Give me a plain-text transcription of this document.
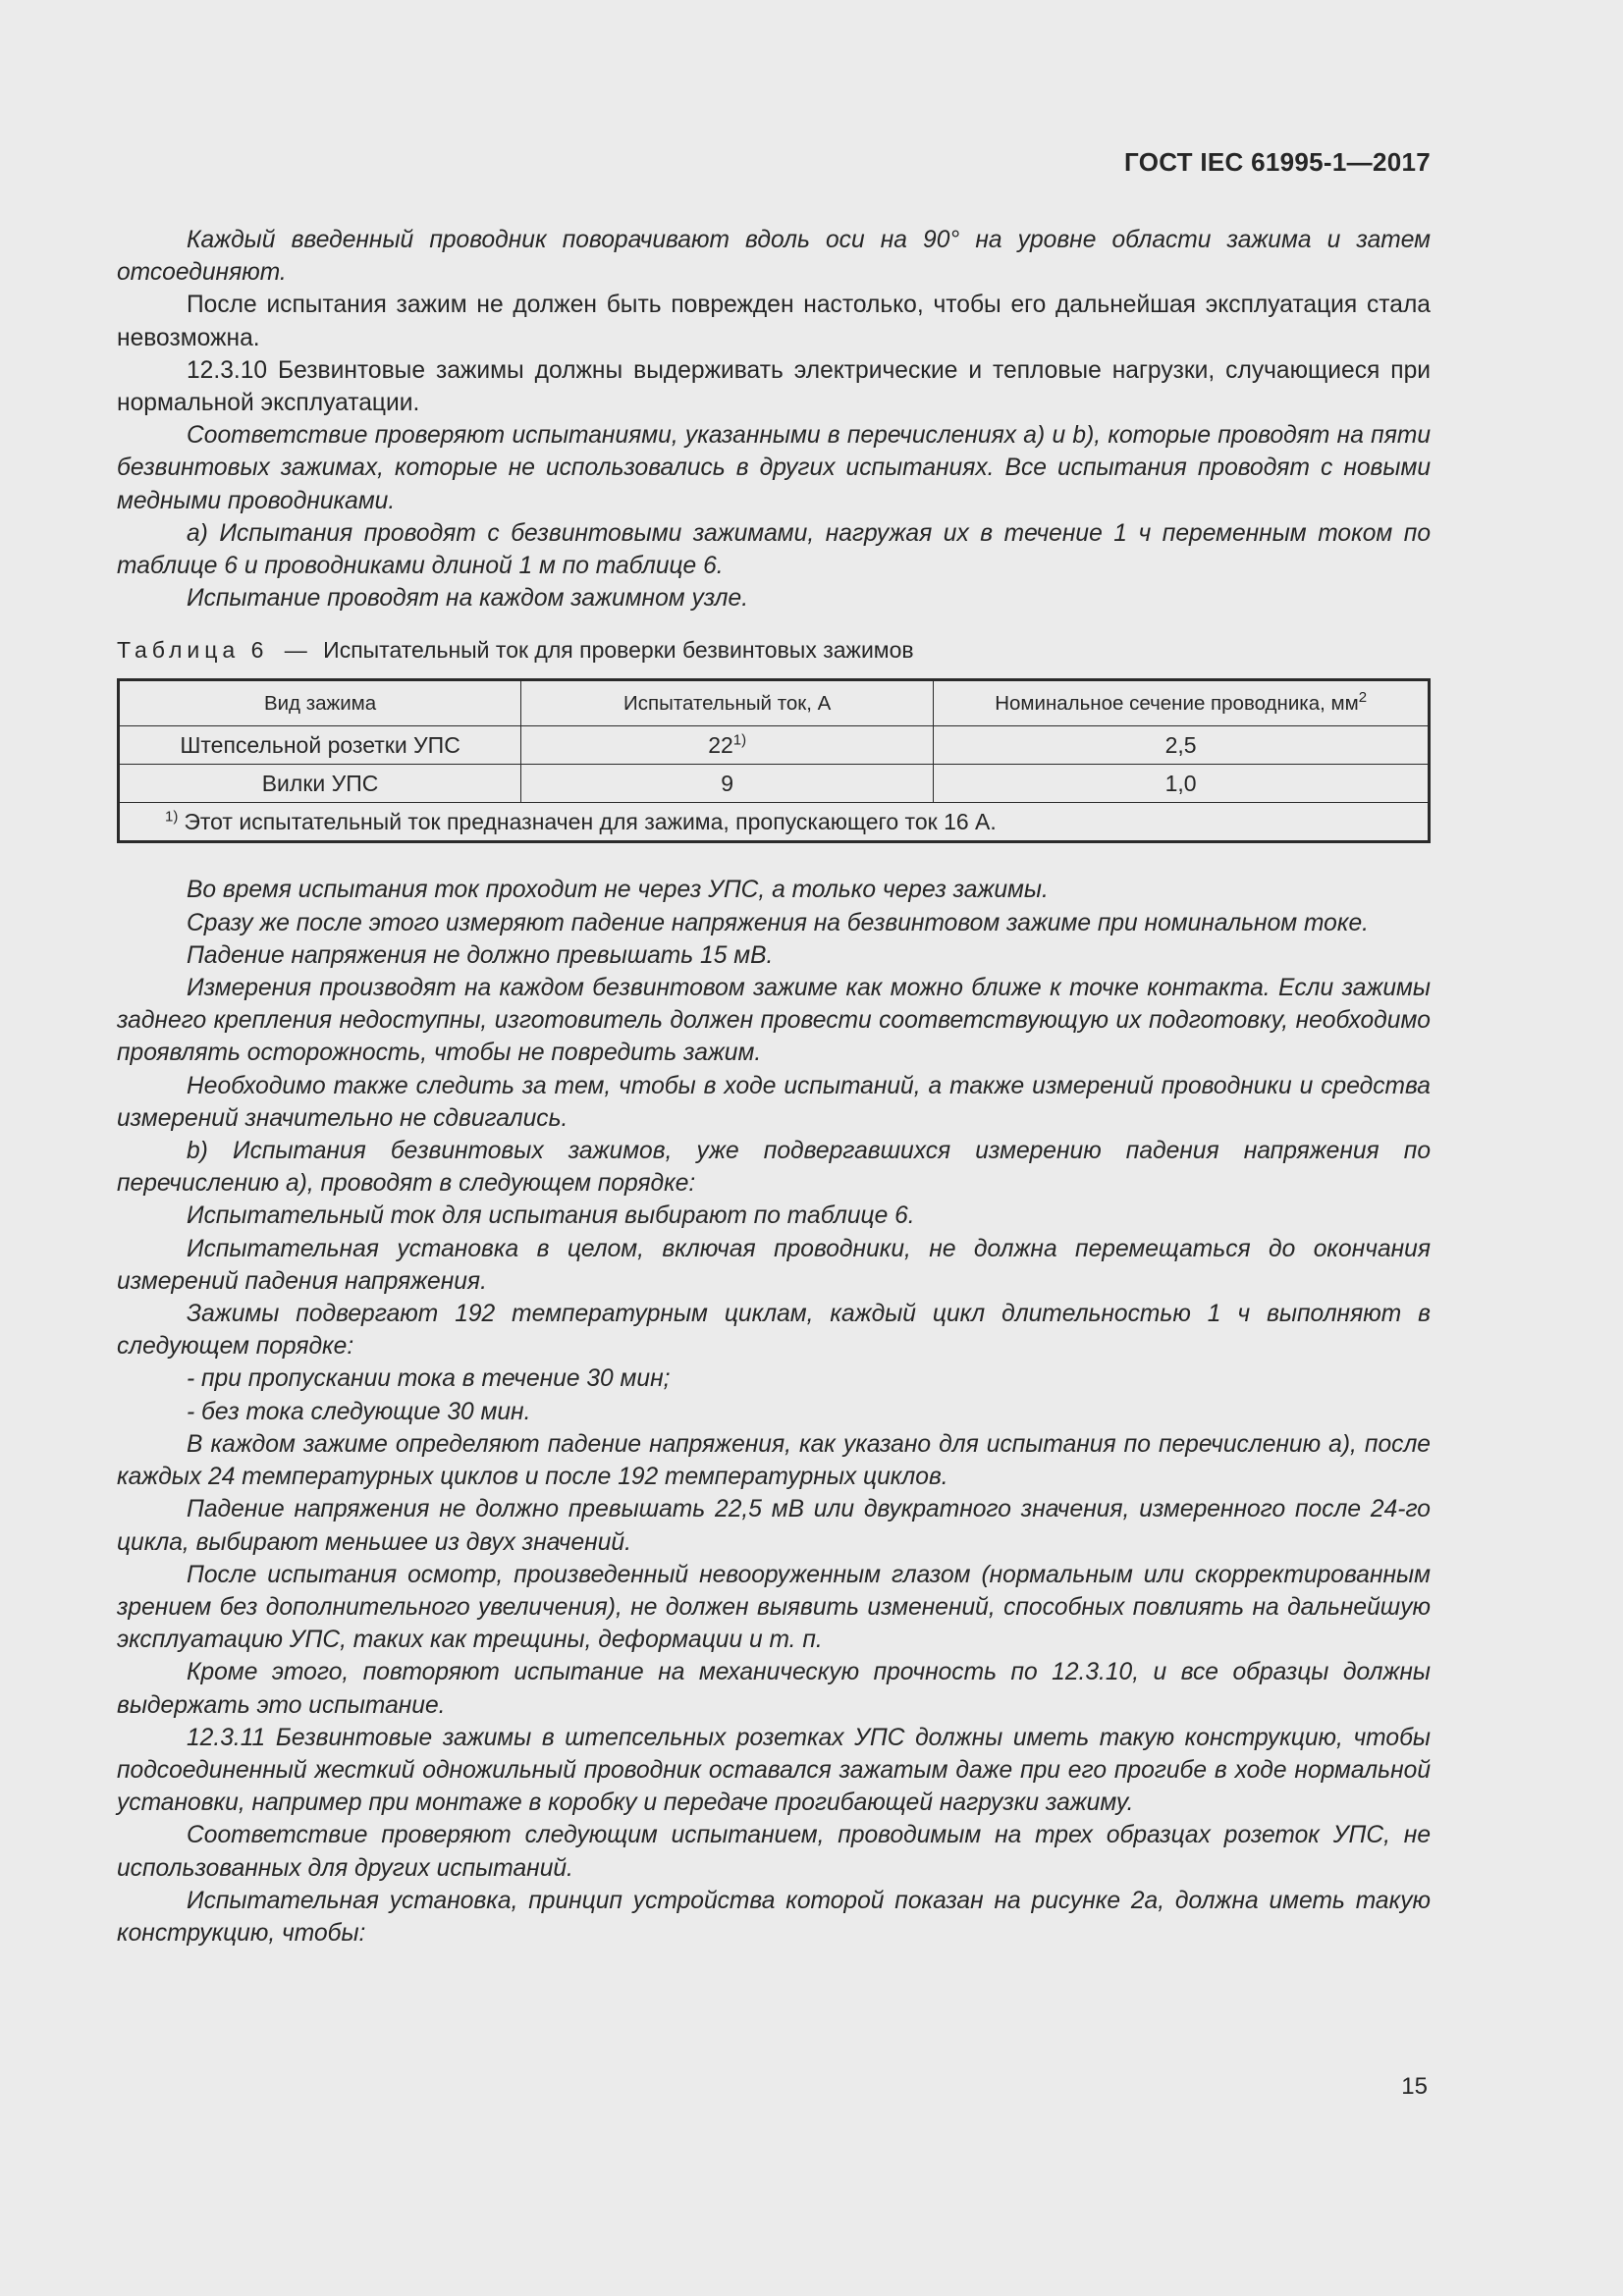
ГОСТ IEC 61995-1—2017

Каждый введенный проводник поворачивают вдоль оси на 90° на уровне области зажима и затем отсоединяют.

После испытания зажим не должен быть поврежден настолько, чтобы его дальнейшая эксплуатация стала невозможна.

12.3.10 Безвинтовые зажимы должны выдерживать электрические и тепловые нагрузки, случающиеся при нормальной эксплуатации.

Соответствие проверяют испытаниями, указанными в перечислениях a) и b), которые проводят на пяти безвинтовых зажимах, которые не использовались в других испытаниях. Все испытания проводят с новыми медными проводниками.

a) Испытания проводят с безвинтовыми зажимами, нагружая их в течение 1 ч переменным током по таблице 6 и проводниками длиной 1 м по таблице 6.

Испытание проводят на каждом зажимном узле.

Таблица 6 — Испытательный ток для проверки безвинтовых зажимов
Вид зажима	Испытательный ток, А	Номинальное сечение проводника, $мм^2$
Штепсельной розетки УПС	22$^{1)}$	2,5
Вилки УПС	9	1,0
$^{1)}$ Этот испытательный ток предназначен для зажима, пропускающего ток 16 А.		

Во время испытания ток проходит не через УПС, а только через зажимы.

Сразу же после этого измеряют падение напряжения на безвинтовом зажиме при номинальном токе.

Падение напряжения не должно превышать 15 мВ.

Измерения производят на каждом безвинтовом зажиме как можно ближе к точке контакта. Если зажимы заднего крепления недоступны, изготовитель должен провести соответствующую их подготовку, необходимо проявлять осторожность, чтобы не повредить зажим.

Необходимо также следить за тем, чтобы в ходе испытаний, а также измерений проводники и средства измерений значительно не сдвигались.

b) Испытания безвинтовых зажимов, уже подвергавшихся измерению падения напряжения по перечислению a), проводят в следующем порядке:

Испытательный ток для испытания выбирают по таблице 6.

Испытательная установка в целом, включая проводники, не должна перемещаться до окончания измерений падения напряжения.

Зажимы подвергают 192 температурным циклам, каждый цикл длительностью 1 ч выполняют в следующем порядке:

- при пропускании тока в течение 30 мин;

- без тока следующие 30 мин.

В каждом зажиме определяют падение напряжения, как указано для испытания по перечислению a), после каждых 24 температурных циклов и после 192 температурных циклов.

Падение напряжения не должно превышать 22,5 мВ или двукратного значения, измеренного после 24-го цикла, выбирают меньшее из двух значений.

После испытания осмотр, произведенный невооруженным глазом (нормальным или скорректированным зрением без дополнительного увеличения), не должен выявить изменений, способных повлиять на дальнейшую эксплуатацию УПС, таких как трещины, деформации и т. п.

Кроме этого, повторяют испытание на механическую прочность по 12.3.10, и все образцы должны выдержать это испытание.

12.3.11 Безвинтовые зажимы в штепсельных розетках УПС должны иметь такую конструкцию, чтобы подсоединенный жесткий одножильный проводник оставался зажатым даже при его прогибе в ходе нормальной установки, например при монтаже в коробку и передаче прогибающей нагрузки зажиму.

Соответствие проверяют следующим испытанием, проводимым на трех образцах розеток УПС, не использованных для других испытаний.

Испытательная установка, принцип устройства которой показан на рисунке 2а, должна иметь такую конструкцию, чтобы:

15
